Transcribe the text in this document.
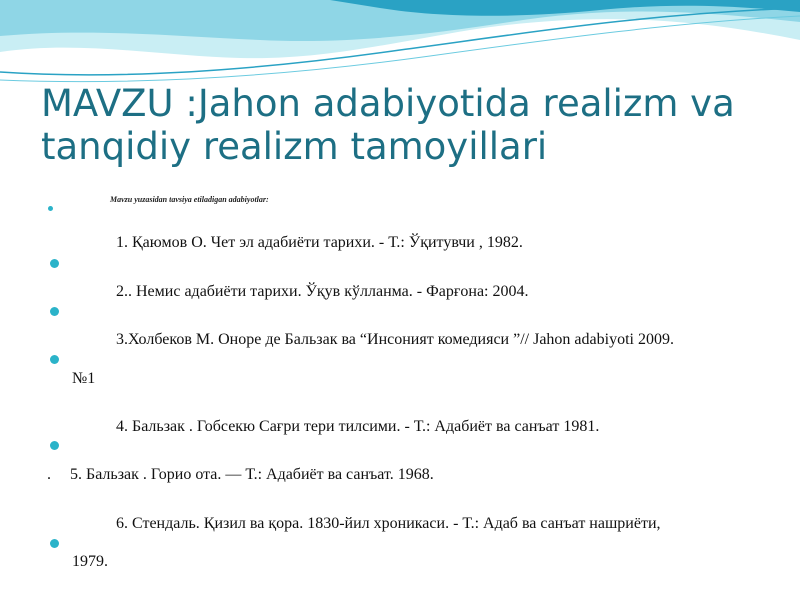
MAVZU :Jahon adabiyotida realizm va
tanqidiy realizm tamoyillari
Mavzu yuzasidan tavsiya etiladigan adabiyotlar:
1. Қаюмов О. Чет эл адабиёти тарихи. - Т.: Ўқитувчи , 1982.
2.. Немис адабиёти тарихи. Ўқув кўлланма. - Фарғона: 2004.
3.Холбеков М. Оноре де Бальзак ва “Инсоният комедияси ”// Jahon adabiyoti 2009.
№1
4. Бальзак . Гобсекю Сағри тери тилсими. - Т.: Адабиёт ва санъат 1981.
. 5. Бальзак . Горио ота. — Т.: Адабиёт ва санъат. 1968.
6. Стендаль. Қизил ва қора. 1830-йил хроникаси. - Т.: Адаб ва санъат нашриёти,
1979.
